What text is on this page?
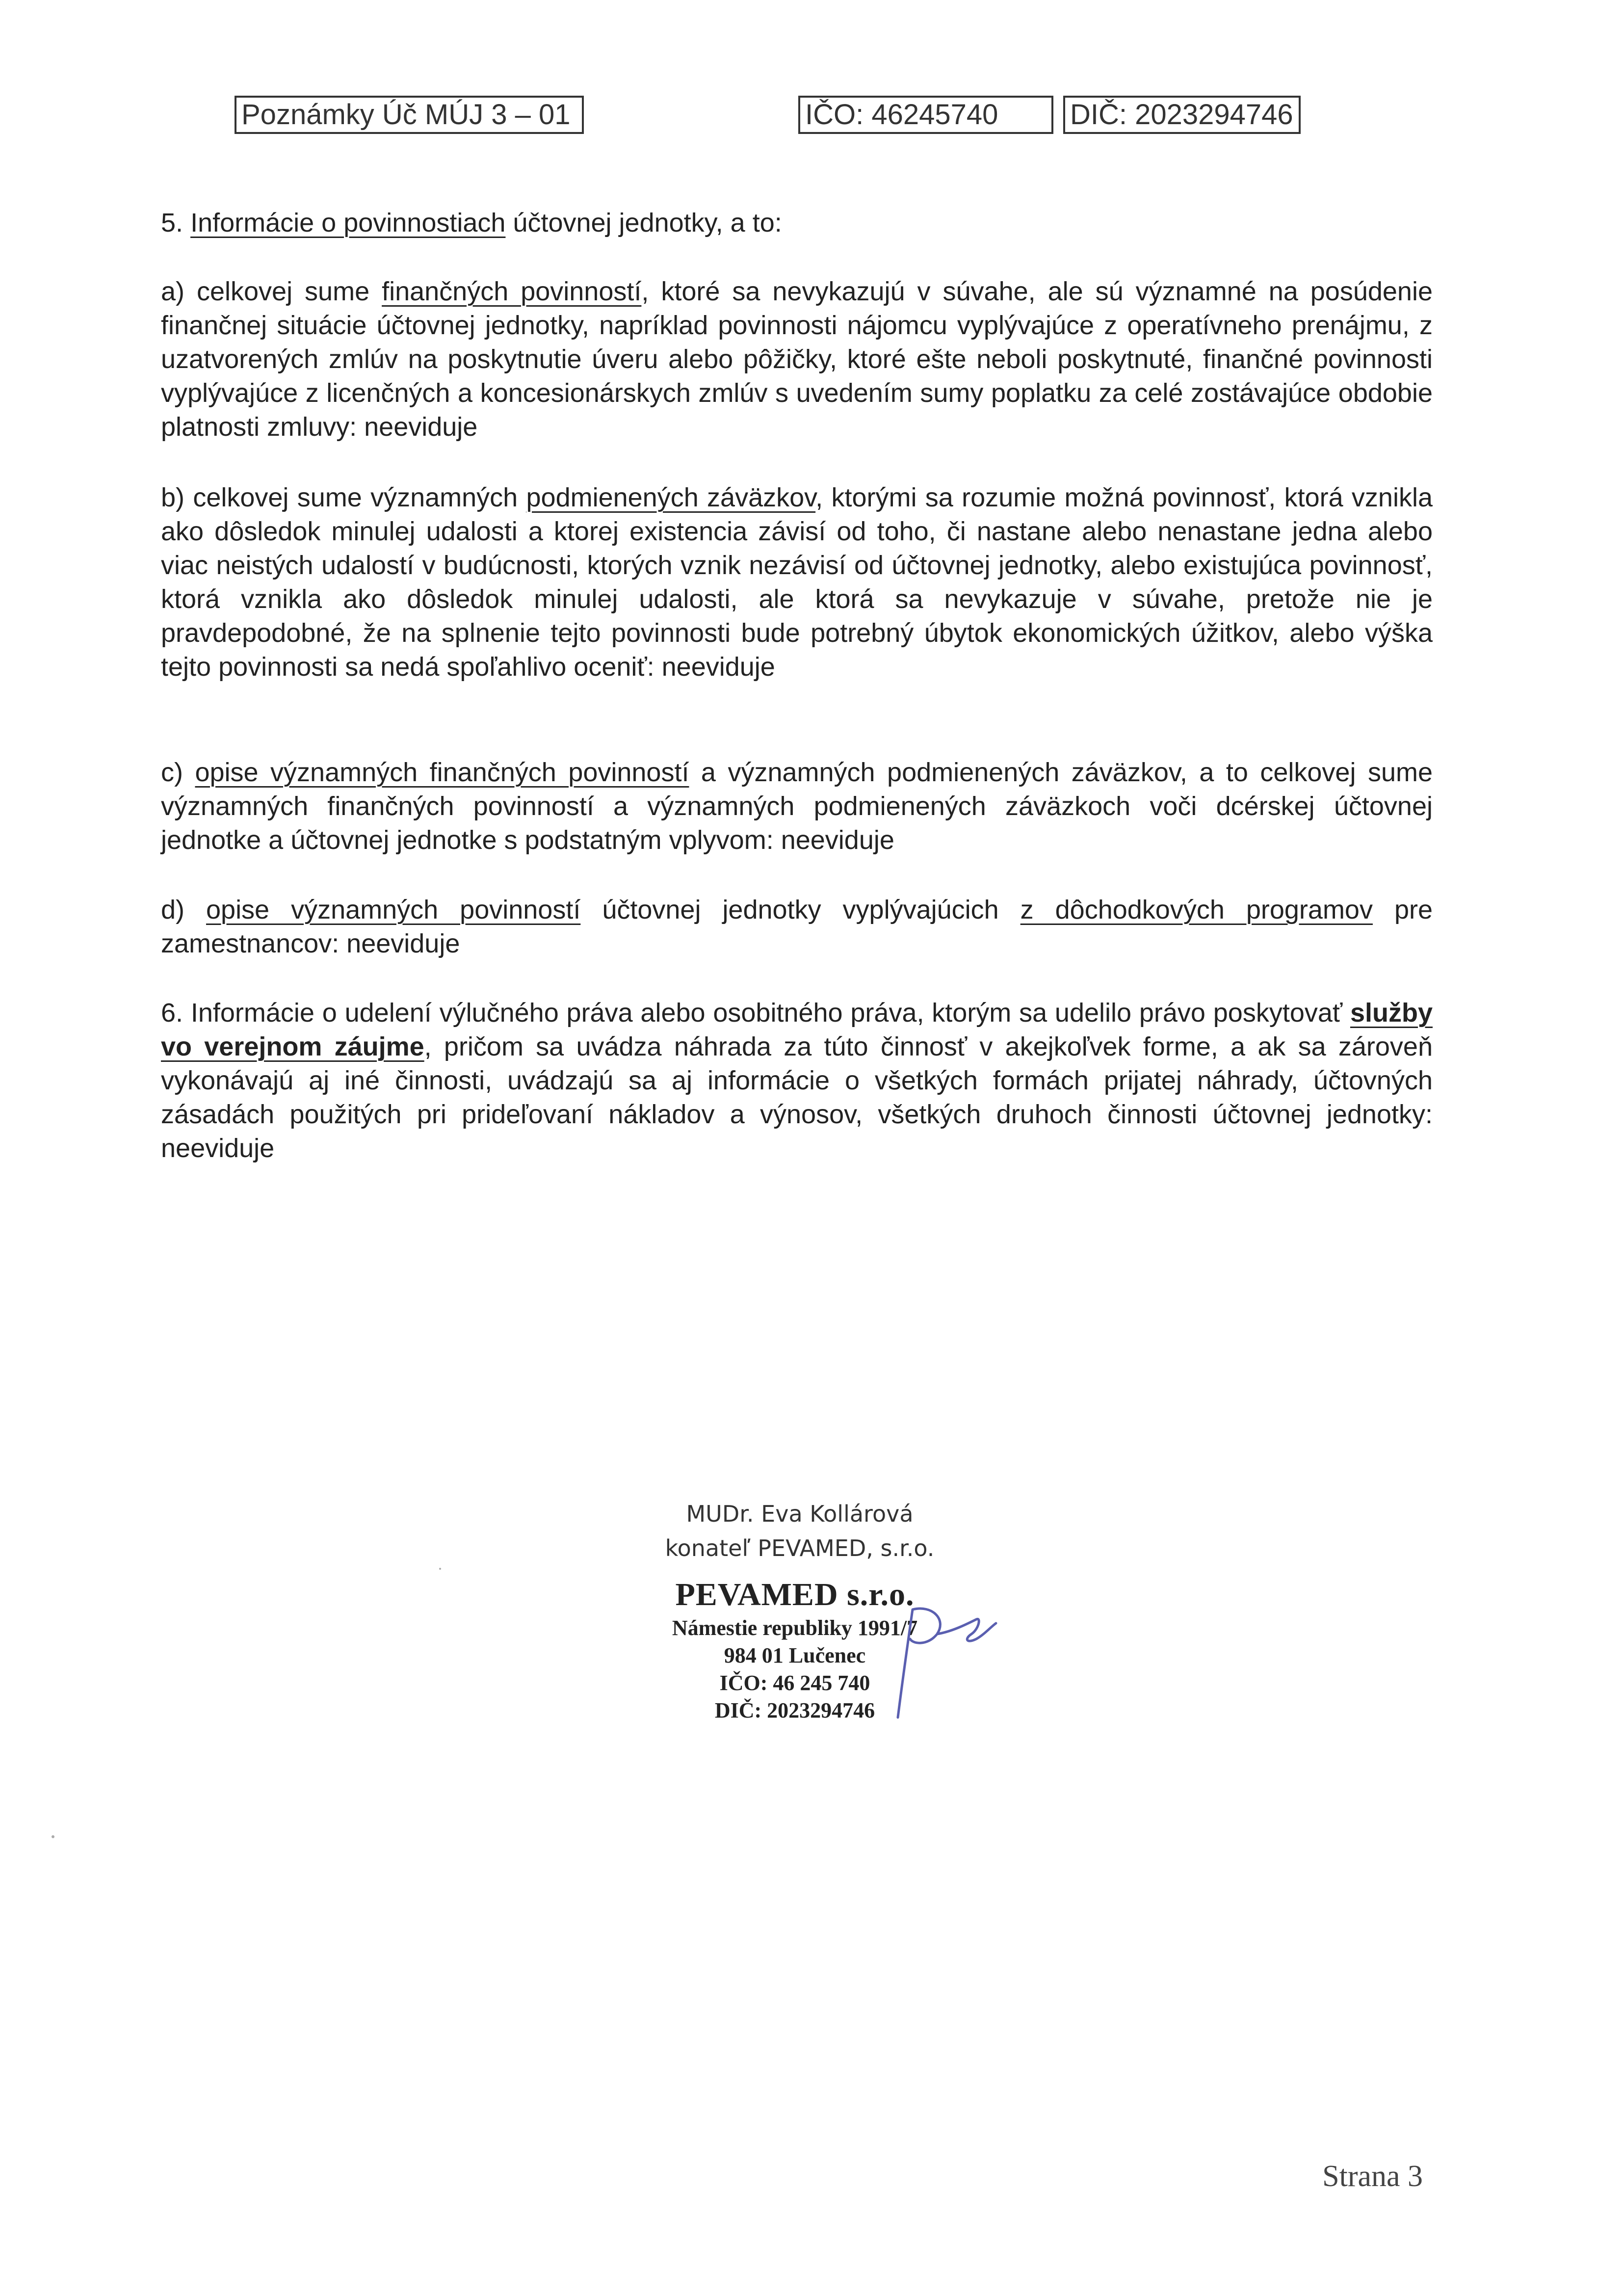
Poznámky Úč MÚJ 3 – 01	IČO: 46245740	DIČ: 2023294746

5. Informácie o povinnostiach účtovnej jednotky, a to:

a) celkovej sume finančných povinností, ktoré sa nevykazujú v súvahe, ale sú významné na posúdenie finančnej situácie účtovnej jednotky, napríklad povinnosti nájomcu vyplývajúce z operatívneho prenájmu, z uzatvorených zmlúv na poskytnutie úveru alebo pôžičky, ktoré ešte neboli poskytnuté, finančné povinnosti vyplývajúce z licenčných a koncesionárskych zmlúv s uvedením sumy poplatku za celé zostávajúce obdobie platnosti zmluvy: neeviduje

b) celkovej sume významných podmienených záväzkov, ktorými sa rozumie možná povinnosť, ktorá vznikla ako dôsledok minulej udalosti a ktorej existencia závisí od toho, či nastane alebo nenastane jedna alebo viac neistých udalostí v budúcnosti, ktorých vznik nezávisí od účtovnej jednotky, alebo existujúca povinnosť, ktorá vznikla ako dôsledok minulej udalosti, ale ktorá sa nevykazuje v súvahe, pretože nie je pravdepodobné, že na splnenie tejto povinnosti bude potrebný úbytok ekonomických úžitkov, alebo výška tejto povinnosti sa nedá spoľahlivo oceniť: neeviduje

c) opise významných finančných povinností a významných podmienených záväzkov, a to celkovej sume významných finančných povinností a významných podmienených záväzkoch voči dcérskej účtovnej jednotke a účtovnej jednotke s podstatným vplyvom: neeviduje

d) opise významných povinností účtovnej jednotky vyplývajúcich z dôchodkových programov pre zamestnancov: neeviduje

6. Informácie o udelení výlučného práva alebo osobitného práva, ktorým sa udelilo právo poskytovať služby vo verejnom záujme, pričom sa uvádza náhrada za túto činnosť v akejkoľvek forme, a ak sa zároveň vykonávajú aj iné činnosti, uvádzajú sa aj informácie o všetkých formách prijatej náhrady, účtovných zásadách použitých pri prideľovaní nákladov a výnosov, všetkých druhoch činnosti účtovnej jednotky: neeviduje

MUDr. Eva Kollárová
konateľ PEVAMED, s.r.o.
PEVAMED s.r.o.
Námestie republiky 1991/7
984 01 Lučenec
IČO: 46 245 740
DIČ: 2023294746
Strana 3
